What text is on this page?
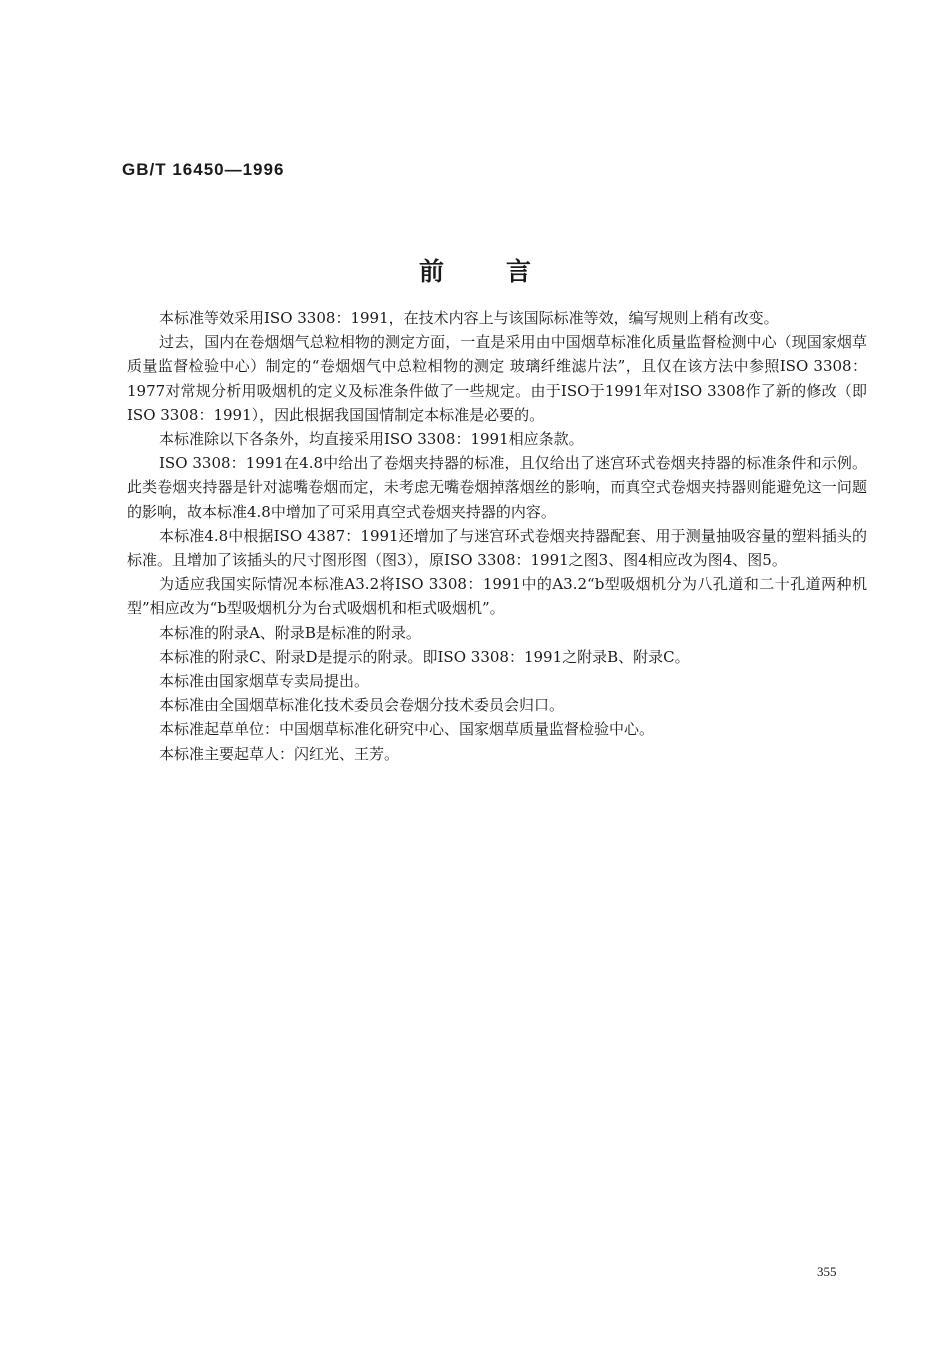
GB/T 16450—1996
前言

本标准等效采用ISO 3308：1991，在技术内容上与该国际标准等效，编写规则上稍有改变。

过去，国内在卷烟烟气总粒相物的测定方面，一直是采用由中国烟草标准化质量监督检测中心（现国家烟草质量监督检验中心）制定的“卷烟烟气中总粒相物的测定 玻璃纤维滤片法”，且仅在该方法中参照ISO 3308：1977对常规分析用吸烟机的定义及标准条件做了一些规定。由于ISO于1991年对ISO 3308作了新的修改（即ISO 3308：1991），因此根据我国国情制定本标准是必要的。

本标准除以下各条外，均直接采用ISO 3308：1991相应条款。

ISO 3308：1991在4.8中给出了卷烟夹持器的标准，且仅给出了迷宫环式卷烟夹持器的标准条件和示例。此类卷烟夹持器是针对滤嘴卷烟而定，未考虑无嘴卷烟掉落烟丝的影响，而真空式卷烟夹持器则能避免这一问题的影响，故本标准4.8中增加了可采用真空式卷烟夹持器的内容。

本标准4.8中根据ISO 4387：1991还增加了与迷宫环式卷烟夹持器配套、用于测量抽吸容量的塑料插头的标准。且增加了该插头的尺寸图形图（图3），原ISO 3308：1991之图3、图4相应改为图4、图5。

为适应我国实际情况本标准A3.2将ISO 3308：1991中的A3.2“b型吸烟机分为八孔道和二十孔道两种机型”相应改为“b型吸烟机分为台式吸烟机和柜式吸烟机”。

本标准的附录A、附录B是标准的附录。

本标准的附录C、附录D是提示的附录。即ISO 3308：1991之附录B、附录C。

本标准由国家烟草专卖局提出。

本标准由全国烟草标准化技术委员会卷烟分技术委员会归口。

本标准起草单位：中国烟草标准化研究中心、国家烟草质量监督检验中心。

本标准主要起草人：闪红光、王芳。

355
